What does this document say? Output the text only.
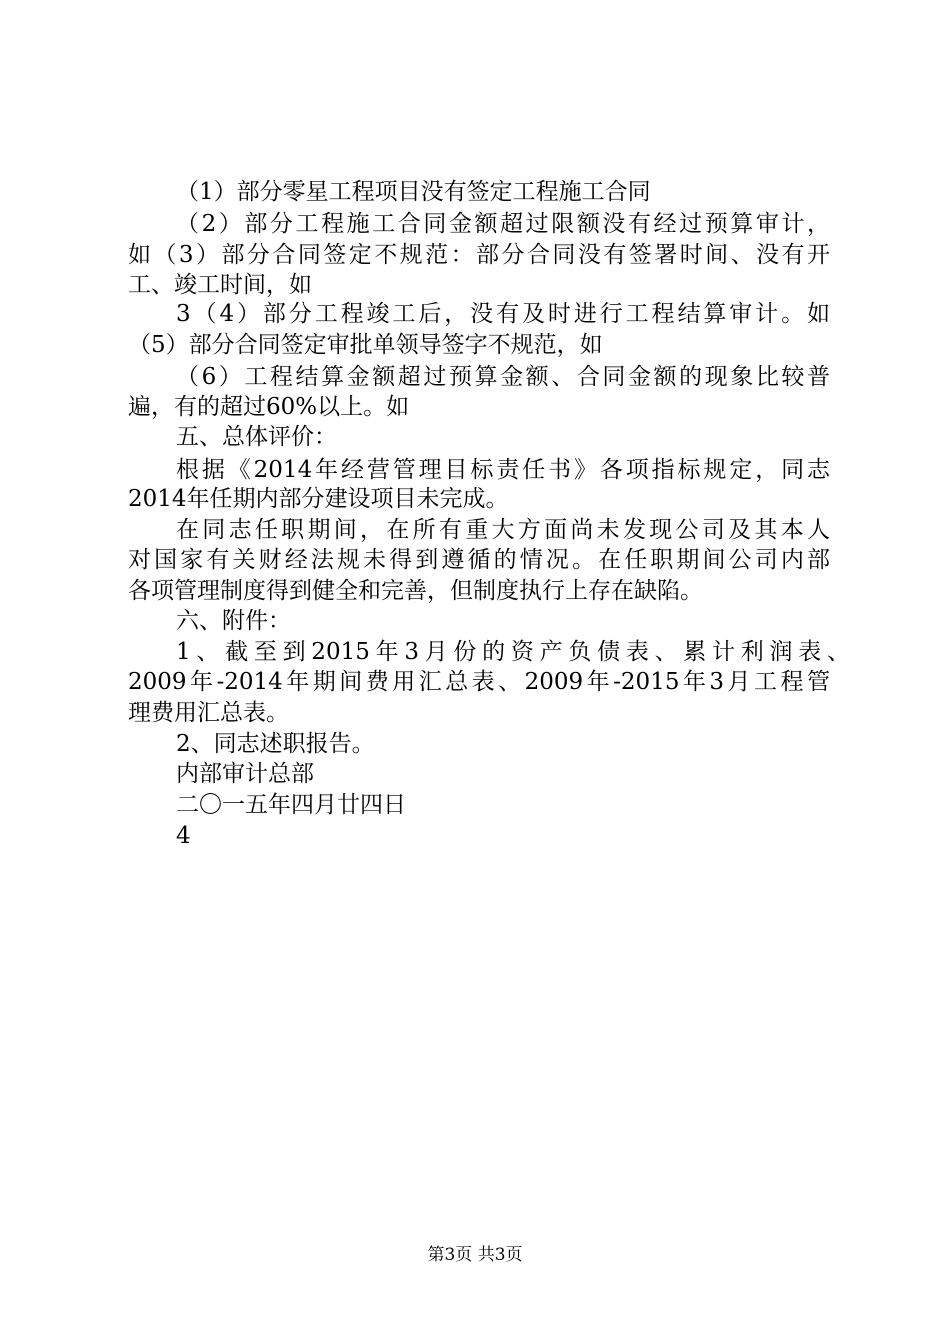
（1）部分零星工程项目没有签定工程施工合同
（2）部分工程施工合同金额超过限额没有经过预算审计，
如（3）部分合同签定不规范：部分合同没有签署时间、没有开
工、竣工时间，如
3（4）部分工程竣工后，没有及时进行工程结算审计。如
（5）部分合同签定审批单领导签字不规范，如
（6）工程结算金额超过预算金额、合同金额的现象比较普
遍，有的超过60%以上。如
五、总体评价：
根据《2014年经营管理目标责任书》各项指标规定，同志
2014年任期内部分建设项目未完成。
在同志任职期间，在所有重大方面尚未发现公司及其本人
对国家有关财经法规未得到遵循的情况。在任职期间公司内部
各项管理制度得到健全和完善，但制度执行上存在缺陷。
六、附件：
1、截至到2015年3月份的资产负债表、累计利润表、
2009年-2014年期间费用汇总表、2009年-2015年3月工程管
理费用汇总表。
2、同志述职报告。
内部审计总部
二〇一五年四月廿四日
4
第3页 共3页
